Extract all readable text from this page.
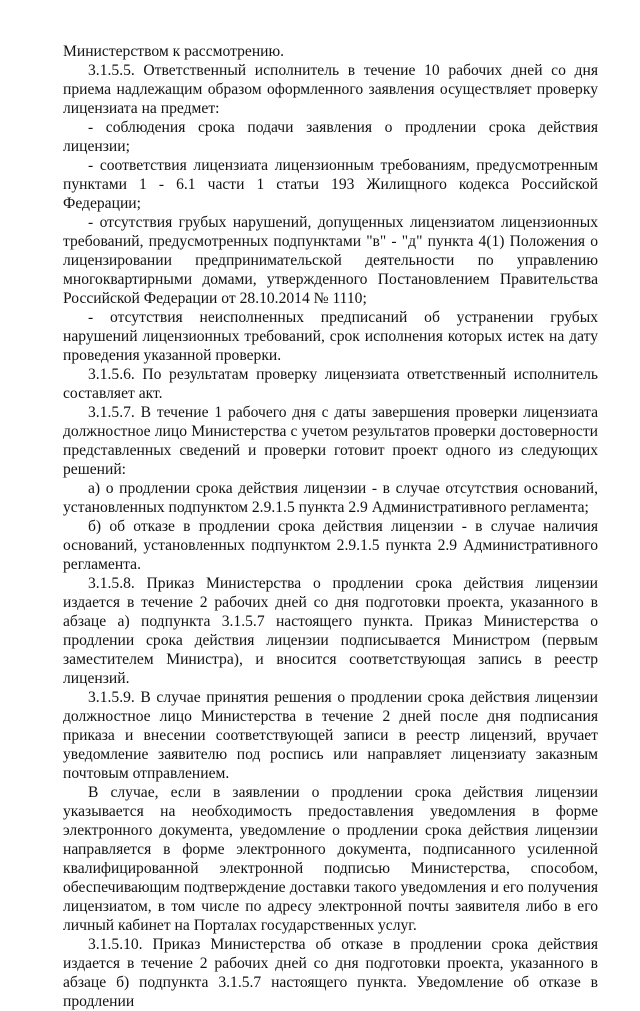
Министерством к рассмотрению.

3.1.5.5. Ответственный исполнитель в течение 10 рабочих дней со дня приема надлежащим образом оформленного заявления осуществляет проверку лицензиата на предмет:

- соблюдения срока подачи заявления о продлении срока действия лицензии;

- соответствия лицензиата лицензионным требованиям, предусмотренным пунктами 1 - 6.1 части 1 статьи 193 Жилищного кодекса Российской Федерации;

- отсутствия грубых нарушений, допущенных лицензиатом лицензионных требований, предусмотренных подпунктами "в" - "д" пункта 4(1) Положения о лицензировании предпринимательской деятельности по управлению многоквартирными домами, утвержденного Постановлением Правительства Российской Федерации от 28.10.2014 № 1110;

- отсутствия неисполненных предписаний об устранении грубых нарушений лицензионных требований, срок исполнения которых истек на дату проведения указанной проверки.

3.1.5.6. По результатам проверку лицензиата ответственный исполнитель составляет акт.

3.1.5.7. В течение 1 рабочего дня с даты завершения проверки лицензиата должностное лицо Министерства с учетом результатов проверки достоверности представленных сведений и проверки готовит проект одного из следующих решений:

а) о продлении срока действия лицензии - в случае отсутствия оснований, установленных подпунктом 2.9.1.5 пункта 2.9 Административного регламента;

б) об отказе в продлении срока действия лицензии - в случае наличия оснований, установленных подпунктом 2.9.1.5 пункта 2.9 Административного регламента.

3.1.5.8. Приказ Министерства о продлении срока действия лицензии издается в течение 2 рабочих дней со дня подготовки проекта, указанного в абзаце а) подпункта 3.1.5.7 настоящего пункта. Приказ Министерства о продлении срока действия лицензии подписывается Министром (первым заместителем Министра), и вносится соответствующая запись в реестр лицензий.

3.1.5.9. В случае принятия решения о продлении срока действия лицензии должностное лицо Министерства в течение 2 дней после дня подписания приказа и внесении соответствующей записи в реестр лицензий, вручает уведомление заявителю под роспись или направляет лицензиату заказным почтовым отправлением.

В случае, если в заявлении о продлении срока действия лицензии указывается на необходимость предоставления уведомления в форме электронного документа, уведомление о продлении срока действия лицензии направляется в форме электронного документа, подписанного усиленной квалифицированной электронной подписью Министерства, способом, обеспечивающим подтверждение доставки такого уведомления и его получения лицензиатом, в том числе по адресу электронной почты заявителя либо в его личный кабинет на Порталах государственных услуг.

3.1.5.10. Приказ Министерства об отказе в продлении срока действия издается в течение 2 рабочих дней со дня подготовки проекта, указанного в абзаце б) подпункта 3.1.5.7 настоящего пункта. Уведомление об отказе в продлении
